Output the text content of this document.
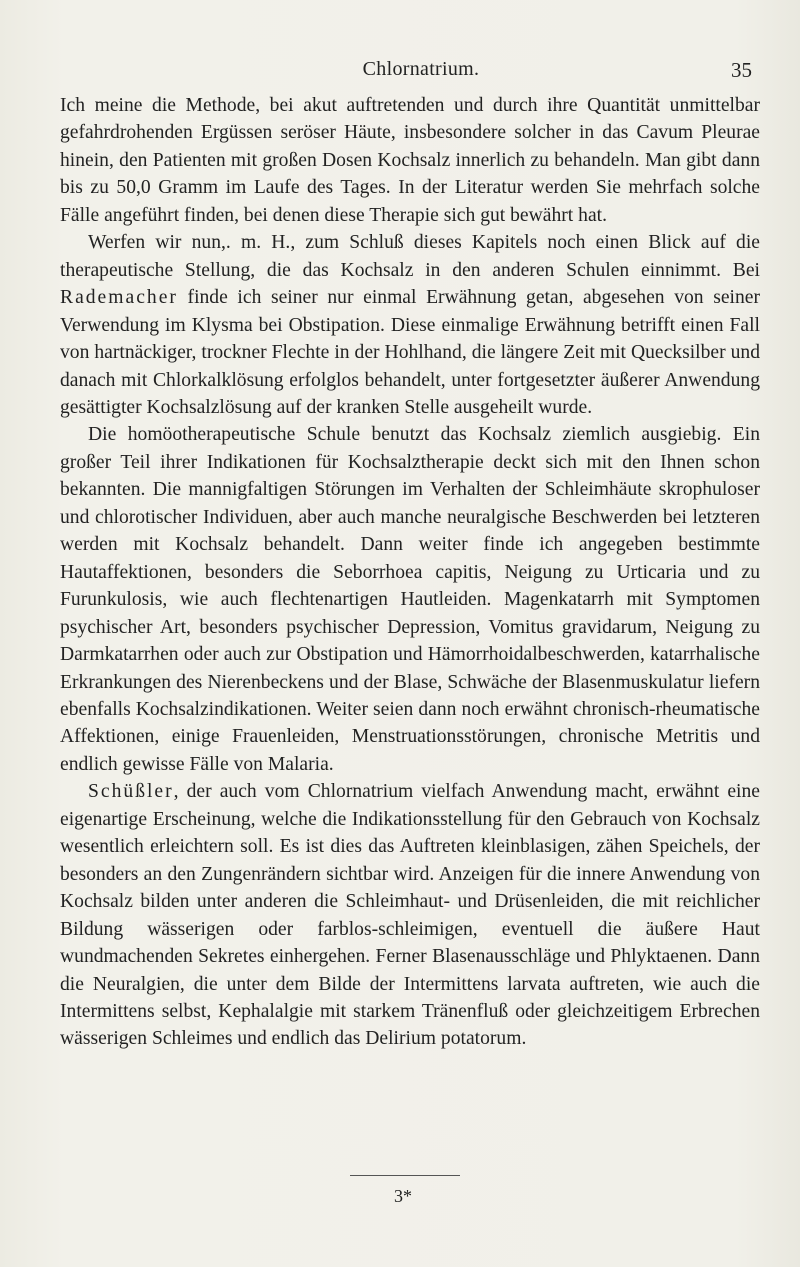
Chlornatrium.	35

Ich meine die Methode, bei akut auftretenden und durch ihre Quantität unmittelbar gefahrdrohenden Ergüssen seröser Häute, insbesondere solcher in das Cavum Pleurae hinein, den Patienten mit großen Dosen Kochsalz innerlich zu behandeln. Man gibt dann bis zu 50,0 Gramm im Laufe des Tages. In der Literatur werden Sie mehrfach solche Fälle angeführt finden, bei denen diese Therapie sich gut bewährt hat.

Werfen wir nun,. m. H., zum Schluß dieses Kapitels noch einen Blick auf die therapeutische Stellung, die das Kochsalz in den anderen Schulen einnimmt. Bei Rademacher finde ich seiner nur einmal Erwähnung getan, abgesehen von seiner Verwendung im Klysma bei Obstipation. Diese einmalige Erwähnung betrifft einen Fall von hartnäckiger, trockner Flechte in der Hohlhand, die längere Zeit mit Quecksilber und danach mit Chlorkalklösung erfolglos behandelt, unter fortgesetzter äußerer Anwendung gesättigter Kochsalzlösung auf der kranken Stelle ausgeheilt wurde.

Die homöotherapeutische Schule benutzt das Kochsalz ziemlich ausgiebig. Ein großer Teil ihrer Indikationen für Kochsalztherapie deckt sich mit den Ihnen schon bekannten. Die mannigfaltigen Störungen im Verhalten der Schleimhäute skrophuloser und chlorotischer Individuen, aber auch manche neuralgische Beschwerden bei letzteren werden mit Kochsalz behandelt. Dann weiter finde ich angegeben bestimmte Hautaffektionen, besonders die Seborrhoea capitis, Neigung zu Urticaria und zu Furunkulosis, wie auch flechtenartigen Hautleiden. Magenkatarrh mit Symptomen psychischer Art, besonders psychischer Depression, Vomitus gravidarum, Neigung zu Darmkatarrhen oder auch zur Obstipation und Hämorrhoidalbeschwerden, katarrhalische Erkrankungen des Nierenbeckens und der Blase, Schwäche der Blasenmuskulatur liefern ebenfalls Kochsalzindikationen. Weiter seien dann noch erwähnt chronisch-rheumatische Affektionen, einige Frauenleiden, Menstruationsstörungen, chronische Metritis und endlich gewisse Fälle von Malaria.

Schüßler, der auch vom Chlornatrium vielfach Anwendung macht, erwähnt eine eigenartige Erscheinung, welche die Indikationsstellung für den Gebrauch von Kochsalz wesentlich erleichtern soll. Es ist dies das Auftreten kleinblasigen, zähen Speichels, der besonders an den Zungenrändern sichtbar wird. Anzeigen für die innere Anwendung von Kochsalz bilden unter anderen die Schleimhaut- und Drüsenleiden, die mit reichlicher Bildung wässerigen oder farblos-schleimigen, eventuell die äußere Haut wundmachenden Sekretes einhergehen. Ferner Blasenausschläge und Phlyktaenen. Dann die Neuralgien, die unter dem Bilde der Intermittens larvata auftreten, wie auch die Intermittens selbst, Kephalalgie mit starkem Tränenfluß oder gleichzeitigem Erbrechen wässerigen Schleimes und endlich das Delirium potatorum.

3*
